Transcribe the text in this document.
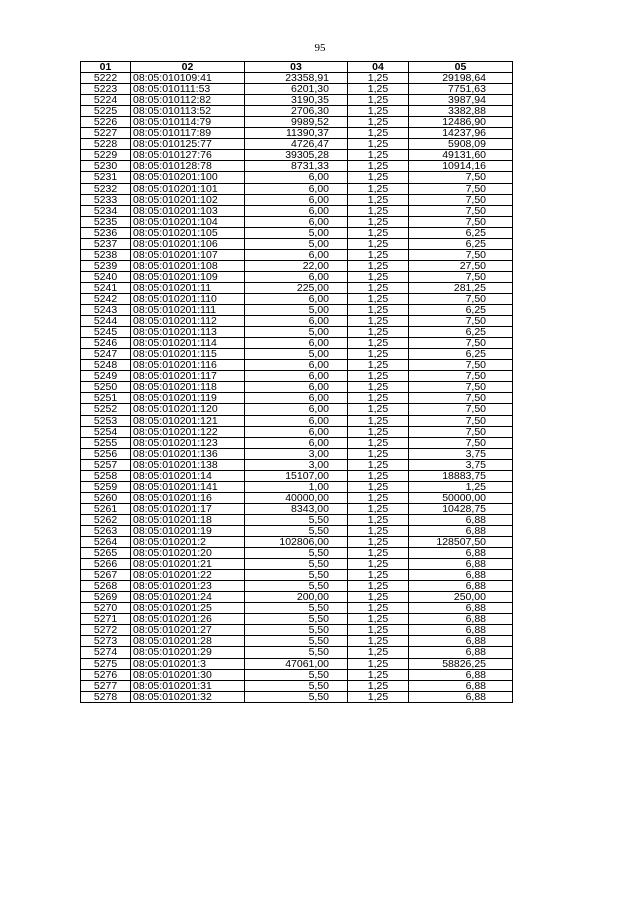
95
01	02	03	04	05
5222	08:05:010109:41	23358,91	1,25	29198,64
5223	08:05:010111:53	6201,30	1,25	7751,63
5224	08:05:010112:82	3190,35	1,25	3987,94
5225	08:05:010113:52	2706,30	1,25	3382,88
5226	08:05:010114:79	9989,52	1,25	12486,90
5227	08:05:010117:89	11390,37	1,25	14237,96
5228	08:05:010125:77	4726,47	1,25	5908,09
5229	08:05:010127:76	39305,28	1,25	49131,60
5230	08:05:010128:78	8731,33	1,25	10914,16
5231	08:05:010201:100	6,00	1,25	7,50
5232	08:05:010201:101	6,00	1,25	7,50
5233	08:05:010201:102	6,00	1,25	7,50
5234	08:05:010201:103	6,00	1,25	7,50
5235	08:05:010201:104	6,00	1,25	7,50
5236	08:05:010201:105	5,00	1,25	6,25
5237	08:05:010201:106	5,00	1,25	6,25
5238	08:05:010201:107	6,00	1,25	7,50
5239	08:05:010201:108	22,00	1,25	27,50
5240	08:05:010201:109	6,00	1,25	7,50
5241	08:05:010201:11	225,00	1,25	281,25
5242	08:05:010201:110	6,00	1,25	7,50
5243	08:05:010201:111	5,00	1,25	6,25
5244	08:05:010201:112	6,00	1,25	7,50
5245	08:05:010201:113	5,00	1,25	6,25
5246	08:05:010201:114	6,00	1,25	7,50
5247	08:05:010201:115	5,00	1,25	6,25
5248	08:05:010201:116	6,00	1,25	7,50
5249	08:05:010201:117	6,00	1,25	7,50
5250	08:05:010201:118	6,00	1,25	7,50
5251	08:05:010201:119	6,00	1,25	7,50
5252	08:05:010201:120	6,00	1,25	7,50
5253	08:05:010201:121	6,00	1,25	7,50
5254	08:05:010201:122	6,00	1,25	7,50
5255	08:05:010201:123	6,00	1,25	7,50
5256	08:05:010201:136	3,00	1,25	3,75
5257	08:05:010201:138	3,00	1,25	3,75
5258	08:05:010201:14	15107,00	1,25	18883,75
5259	08:05:010201:141	1,00	1,25	1,25
5260	08:05:010201:16	40000,00	1,25	50000,00
5261	08:05:010201:17	8343,00	1,25	10428,75
5262	08:05:010201:18	5,50	1,25	6,88
5263	08:05:010201:19	5,50	1,25	6,88
5264	08:05:010201:2	102806,00	1,25	128507,50
5265	08:05:010201:20	5,50	1,25	6,88
5266	08:05:010201:21	5,50	1,25	6,88
5267	08:05:010201:22	5,50	1,25	6,88
5268	08:05:010201:23	5,50	1,25	6,88
5269	08:05:010201:24	200,00	1,25	250,00
5270	08:05:010201:25	5,50	1,25	6,88
5271	08:05:010201:26	5,50	1,25	6,88
5272	08:05:010201:27	5,50	1,25	6,88
5273	08:05:010201:28	5,50	1,25	6,88
5274	08:05:010201:29	5,50	1,25	6,88
5275	08:05:010201:3	47061,00	1,25	58826,25
5276	08:05:010201:30	5,50	1,25	6,88
5277	08:05:010201:31	5,50	1,25	6,88
5278	08:05:010201:32	5,50	1,25	6,88
